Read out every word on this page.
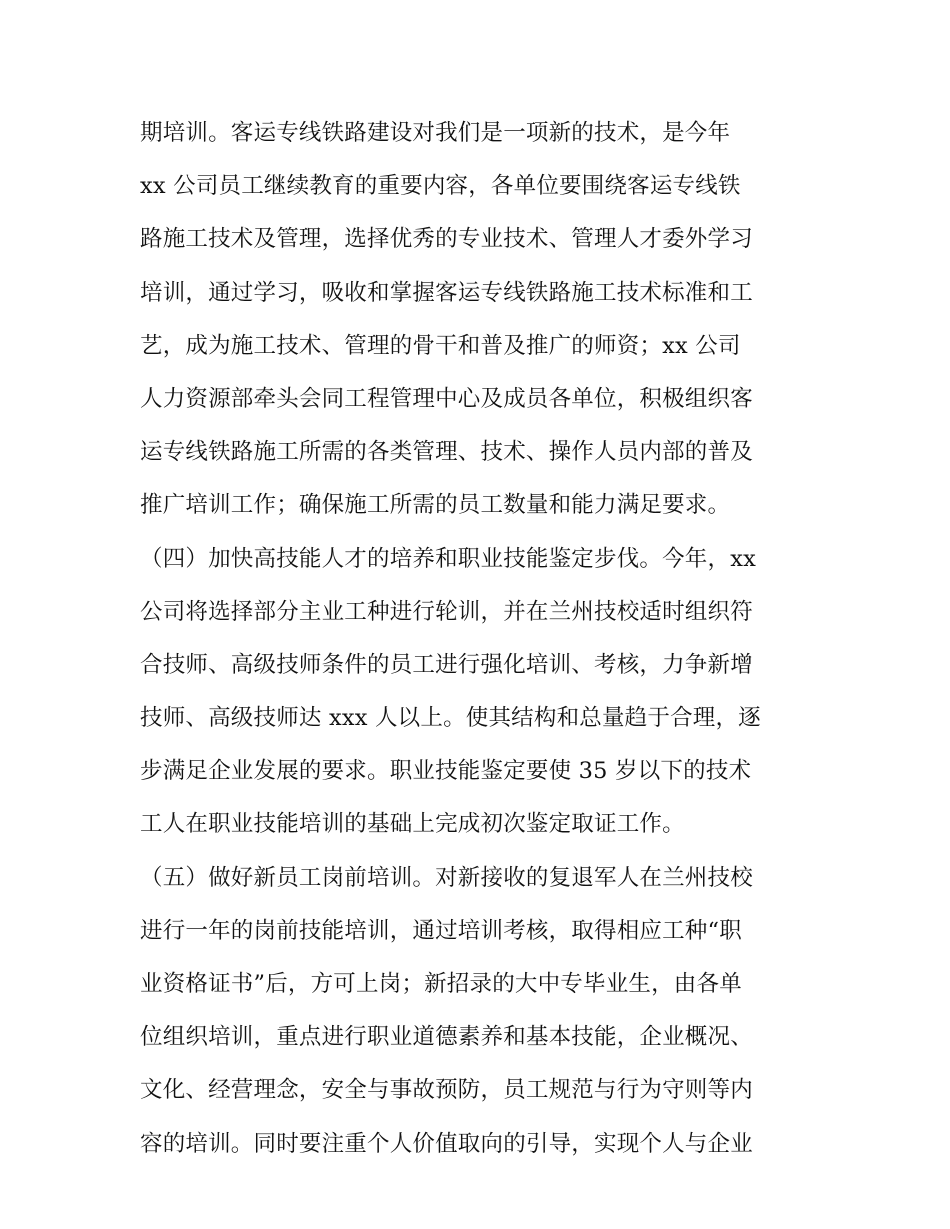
期培训。客运专线铁路建设对我们是一项新的技术，是今年
xx 公司员工继续教育的重要内容，各单位要围绕客运专线铁
路施工技术及管理，选择优秀的专业技术、管理人才委外学习
培训，通过学习，吸收和掌握客运专线铁路施工技术标准和工
艺，成为施工技术、管理的骨干和普及推广的师资；xx 公司
人力资源部牵头会同工程管理中心及成员各单位，积极组织客
运专线铁路施工所需的各类管理、技术、操作人员内部的普及
推广培训工作；确保施工所需的员工数量和能力满足要求。
（四）加快高技能人才的培养和职业技能鉴定步伐。今年，xx
公司将选择部分主业工种进行轮训，并在兰州技校适时组织符
合技师、高级技师条件的员工进行强化培训、考核，力争新增
技师、高级技师达 xxx 人以上。使其结构和总量趋于合理，逐
步满足企业发展的要求。职业技能鉴定要使 35 岁以下的技术
工人在职业技能培训的基础上完成初次鉴定取证工作。
（五）做好新员工岗前培训。对新接收的复退军人在兰州技校
进行一年的岗前技能培训，通过培训考核，取得相应工种“职
业资格证书”后，方可上岗；新招录的大中专毕业生，由各单
位组织培训，重点进行职业道德素养和基本技能，企业概况、
文化、经营理念，安全与事故预防，员工规范与行为守则等内
容的培训。同时要注重个人价值取向的引导，实现个人与企业
